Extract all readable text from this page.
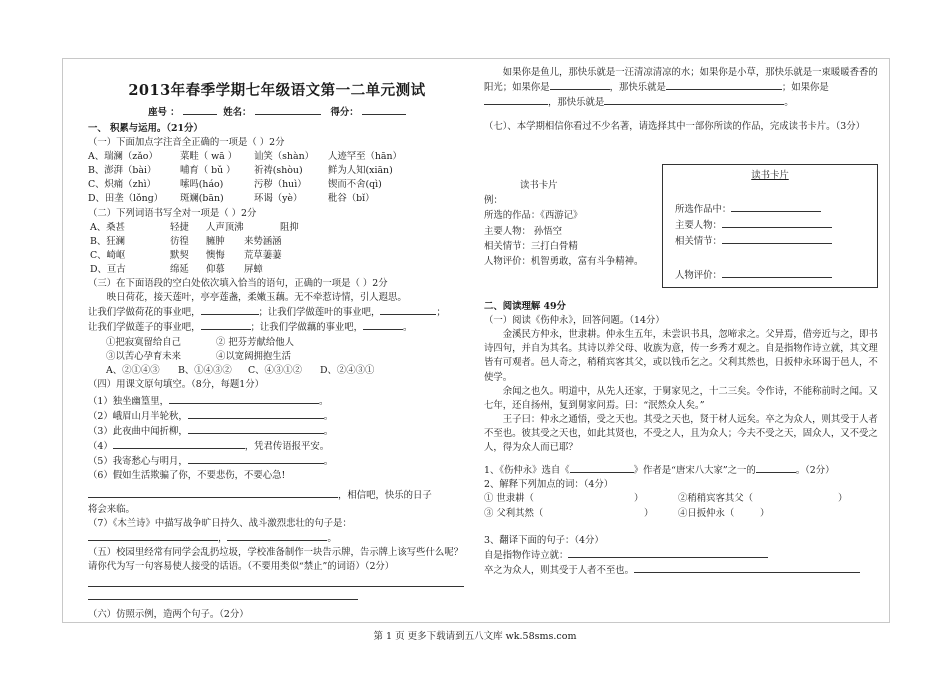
2013年春季学期七年级语文第一二单元测试
座号 ：	姓名：	得分：
一、 积累与运用。（21分）
（一）下面加点字注音全正确的一项是（ ）2分
A、瑞澜（zǎo）	菜畦（ wā ）	讪笑（shàn）	人迹罕至（hān）
B、澎湃（bài）	哺育（ bǔ ）	祈祷(shòu)	鲜为人知(xiān)
C、炽痛（zhì）	嗦吗(háo)	污秽（huì）	锲而不舍(qì)
D、田垄（lǒng）	斑斓(bān)	环谒（yè）	秕谷（bǐ）
（二）下列词语书写全对一项是（ ）2分
A、桑甚	轻捷	人声顶沸	阻抑
B、狂澜	彷徨	臃肿	来势涵涵
C、崎岖	默契	懊悔	荒草萋萋
D、亘古	绵延	仰慕	屏蟑
（三）在下面语段的空白处依次填入恰当的语句，正确的一项是（ ）2分
映日荷花，接天莲叶，亭亭莲盏，柔嫩玉藕。无不牵惹诗情，引人遐思。
让我们学做荷花的事业吧，	；让我们学做莲叶的事业吧，	；
让我们学做莲子的事业吧，	；让我们学做藕的事业吧，	。
①把寂寞留给自己	② 把芬芳献给他人
③以苦心孕育未来	④以宽阔拥抱生活
A、②①④③	B、①④③②	C、④③①②	D、②④③①
（四）用课文原句填空。（8分，每题1分）
（1）独坐幽篁里，	。
（2）峨眉山月半轮秋，	。
（3）此夜曲中闻折柳，	。
（4）	，凭君传语报平安。
（5）我寄愁心与明月，	。
（6）假如生活欺骗了你，不要悲伤，不要心急!
，相信吧，快乐的日子
将会来临。
（7）《木兰诗》中描写战争旷日持久、战斗激烈悲壮的句子是：
，	。
（五）校园里经常有同学会乱扔垃圾，学校准备制作一块告示牌，告示牌上该写些什么呢？请你代为写一句容易使人接受的话语。（不要用类似“禁止”的词语）（2分）
（六）仿照示例，造两个句子。（2分）
如果你是鱼儿，那快乐就是一汪清凉清凉的水；如果你是小草，那快乐就是一束暖暖香香的阳光；如果你是	，那快乐就是	；如果你是，那快乐就是	。
（七）、本学期相信你看过不少名著，请选择其中一部你所读的作品，完成读书卡片。（3分）
读书卡片
例：
所选的作品：《西游记》
主要人物： 孙悟空
相关情节：三打白骨精
人物评价：机智勇敢，富有斗争精神。
读书卡片
所选作品中：
主要人物：
相关情节：
人物评价：
二、阅读理解 49分
（一）阅读《伤仲永》，回答问题。（14分）
金溪民方仲永，世隶耕。仲永生五年，未尝识书具，忽啼求之。父异焉，借旁近与之，即书诗四句，并自为其名。其诗以养父母、收族为意，传一乡秀才观之。自是指物作诗立就，其文理皆有可观者。邑人奇之，稍稍宾客其父，或以钱币乞之。父利其然也，日扳仲永环谒于邑人，不使学。
余闻之也久。明道中，从先人还家，于舅家见之，十二三矣。令作诗，不能称前时之闻。又七年，还自扬州，复到舅家问焉。曰：“泯然众人矣。”
王子曰：仲永之通悟，受之天也。其受之天也，贤于材人远矣。卒之为众人，则其受于人者不至也。彼其受之天也，如此其贤也，不受之人，且为众人；今夫不受之天，固众人，又不受之人，得为众人而已耶？
1、《伤仲永》选自《	》作者是“唐宋八大家”之一的	。（2分）
2、解释下列加点的词：（4分）
① 世隶耕（	）	②稍稍宾客其父（	）
③ 父利其然（	）	④日扳仲永（	）
3、翻译下面的句子：（4分）
自是指物作诗立就：
卒之为众人，则其受于人者不至也。
第 1 页 更多下载请到五八文库 wk.58sms.com
